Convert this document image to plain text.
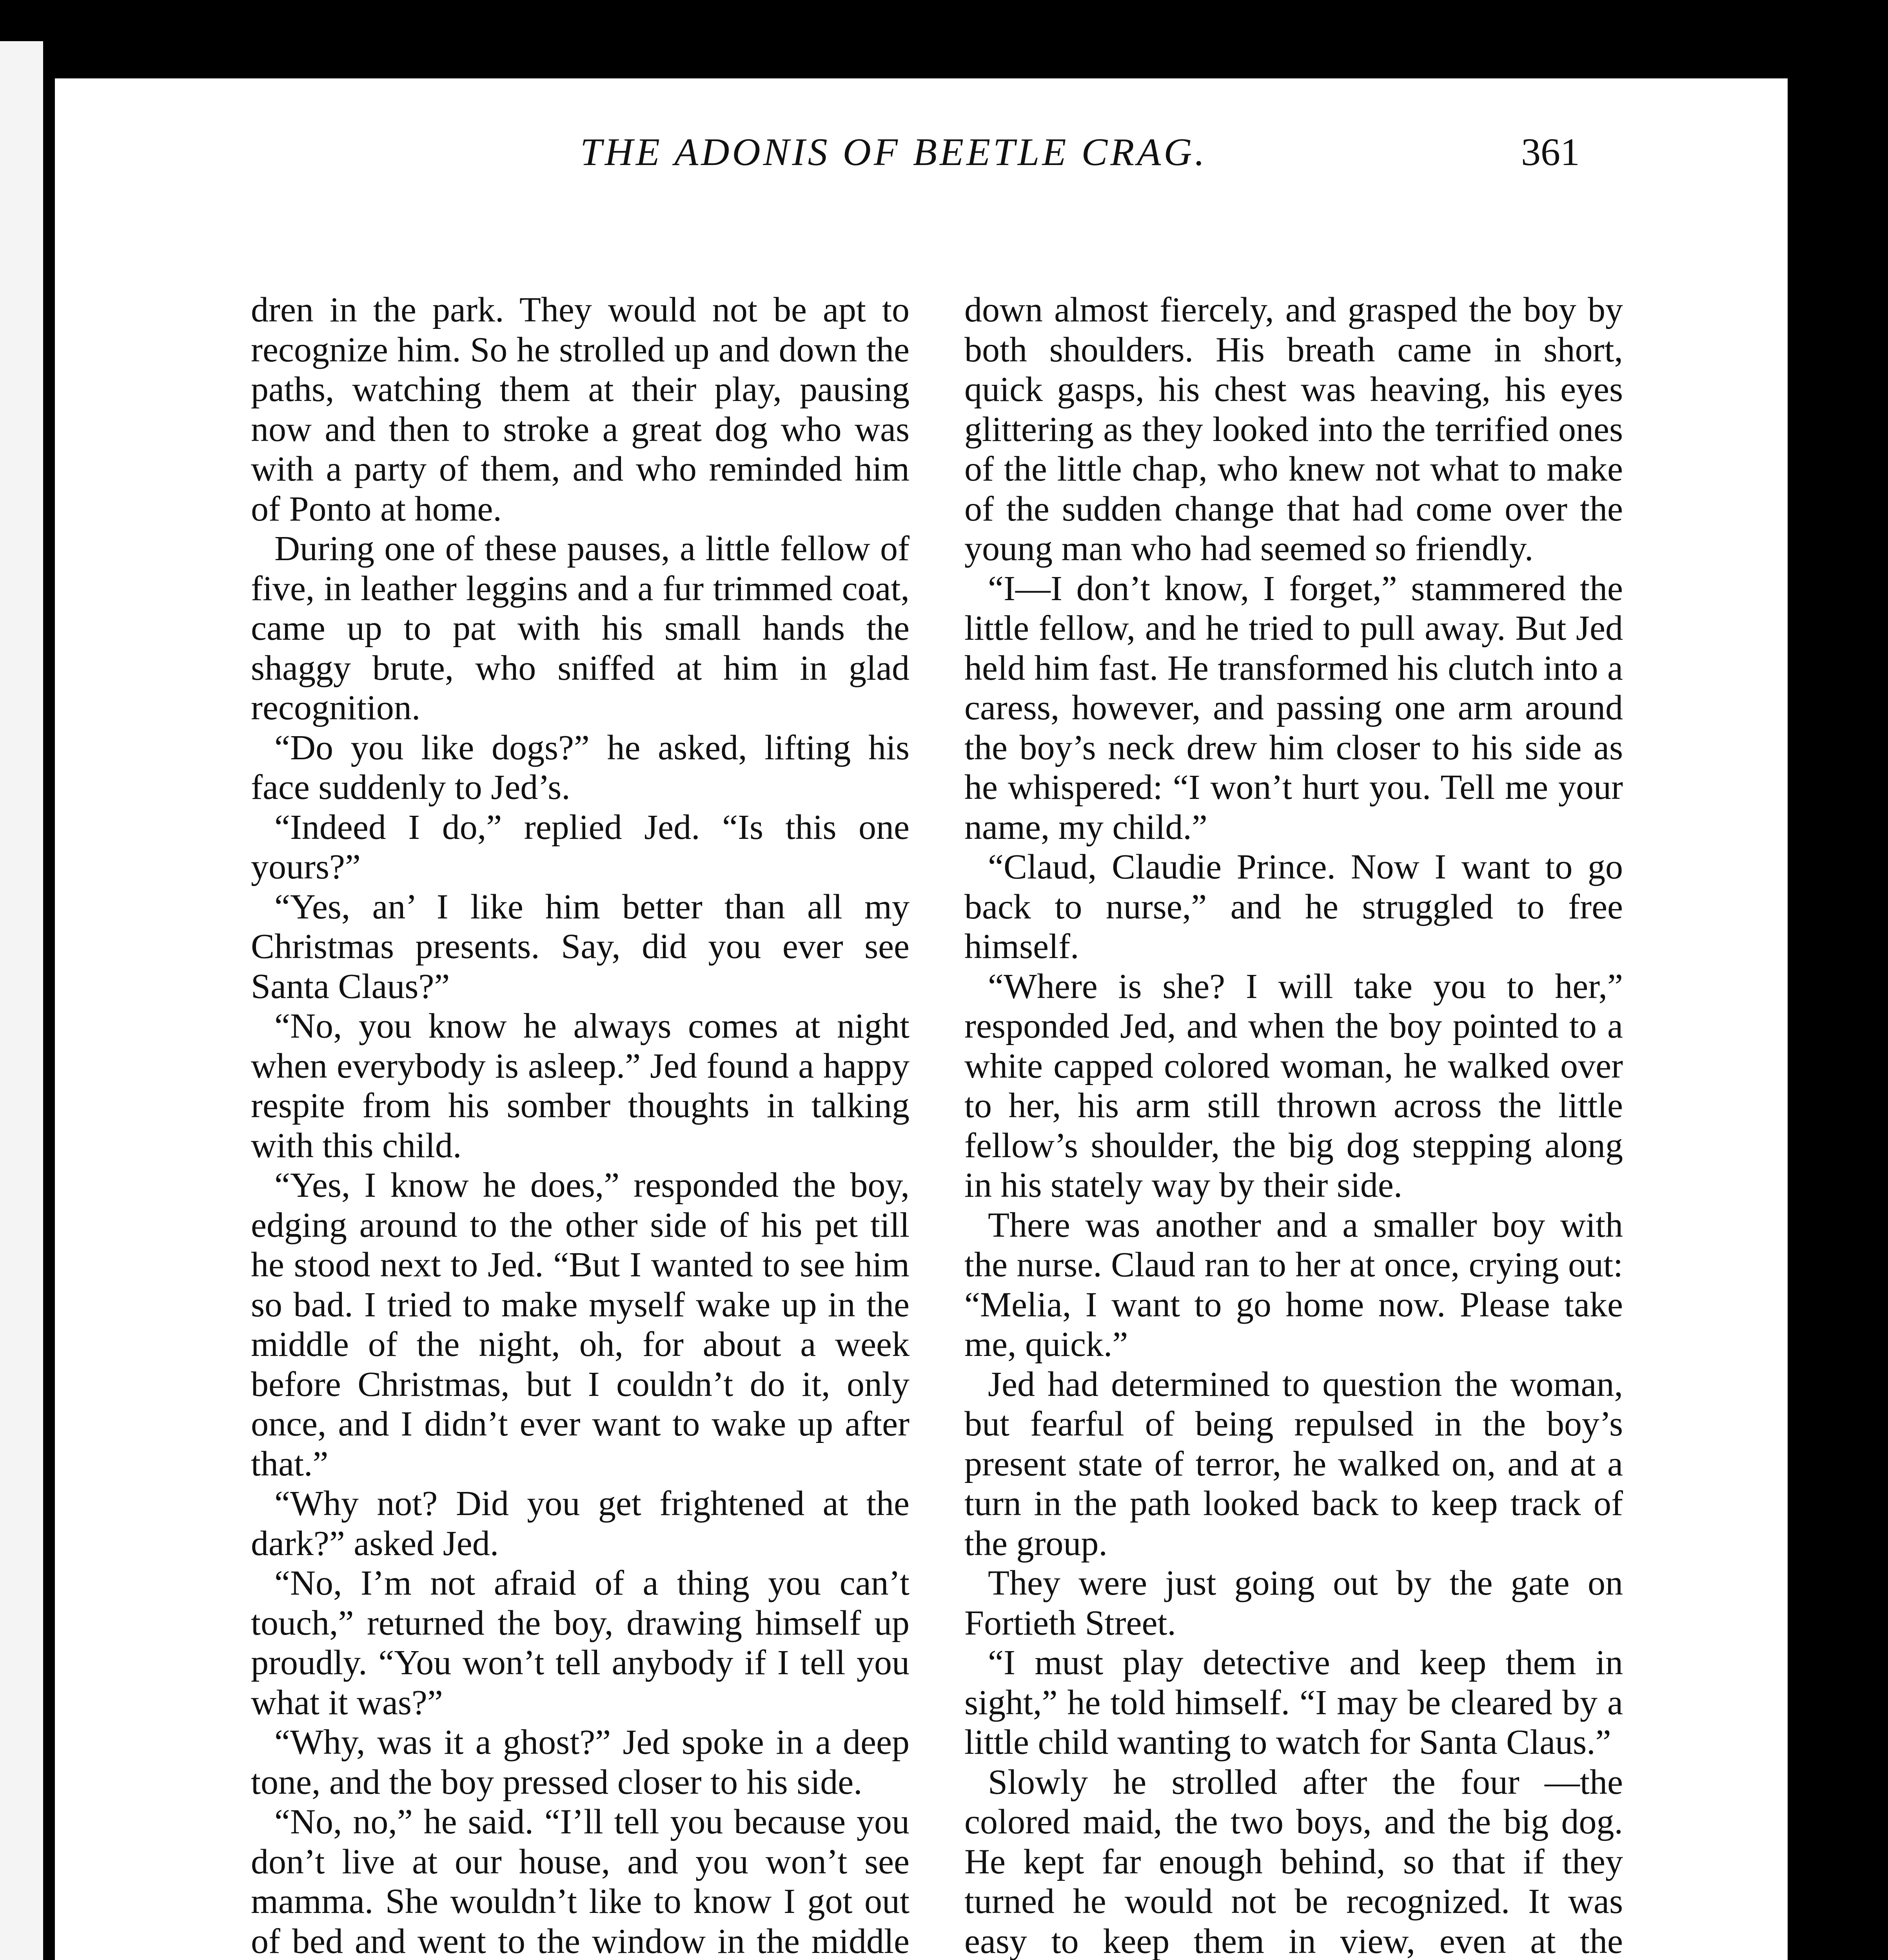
THE ADONIS OF BEETLE CRAG.	361

dren in the park. They would not be apt to recognize him. So he strolled up and down the paths, watching them at their play, pausing now and then to stroke a great dog who was with a party of them, and who reminded him of Ponto at home.

During one of these pauses, a little fellow of five, in leather leggins and a fur trimmed coat, came up to pat with his small hands the shaggy brute, who sniffed at him in glad recognition.

“Do you like dogs?” he asked, lifting his face suddenly to Jed’s.

“Indeed I do,” replied Jed. “Is this one yours?”

“Yes, an’ I like him better than all my Christmas presents. Say, did you ever see Santa Claus?”

“No, you know he always comes at night when everybody is asleep.” Jed found a happy respite from his somber thoughts in talking with this child.

“Yes, I know he does,” responded the boy, edging around to the other side of his pet till he stood next to Jed. “But I wanted to see him so bad. I tried to make myself wake up in the middle of the night, oh, for about a week before Christmas, but I couldn’t do it, only once, and I didn’t ever want to wake up after that.”

“Why not? Did you get frightened at the dark?” asked Jed.

“No, I’m not afraid of a thing you can’t touch,” returned the boy, drawing himself up proudly. “You won’t tell anybody if I tell you what it was?”

“Why, was it a ghost?” Jed spoke in a deep tone, and the boy pressed closer to his side.

“No, no,” he said. “I’ll tell you because you don’t live at our house, and you won’t see mamma. She wouldn’t like to know I got out of bed and went to the window in the middle

down almost fiercely, and grasped the boy by both shoulders. His breath came in short, quick gasps, his chest was heaving, his eyes glittering as they looked into the terrified ones of the little chap, who knew not what to make of the sudden change that had come over the young man who had seemed so friendly.

“I—I don’t know, I forget,” stammered the little fellow, and he tried to pull away. But Jed held him fast. He transformed his clutch into a caress, however, and passing one arm around the boy’s neck drew him closer to his side as he whispered: “I won’t hurt you. Tell me your name, my child.”

“Claud, Claudie Prince. Now I want to go back to nurse,” and he struggled to free himself.

“Where is she? I will take you to her,” responded Jed, and when the boy pointed to a white capped colored woman, he walked over to her, his arm still thrown across the little fellow’s shoulder, the big dog stepping along in his stately way by their side.

There was another and a smaller boy with the nurse. Claud ran to her at once, crying out: “Melia, I want to go home now. Please take me, quick.”

Jed had determined to question the woman, but fearful of being repulsed in the boy’s present state of terror, he walked on, and at a turn in the path looked back to keep track of the group.

They were just going out by the gate on Fortieth Street.

“I must play detective and keep them in sight,” he told himself. “I may be cleared by a little child wanting to watch for Santa Claus.”

Slowly he strolled after the four —the colored maid, the two boys, and the big dog. He kept far enough behind, so that if they turned he would not be recognized. It was easy to keep them in view, even at the
